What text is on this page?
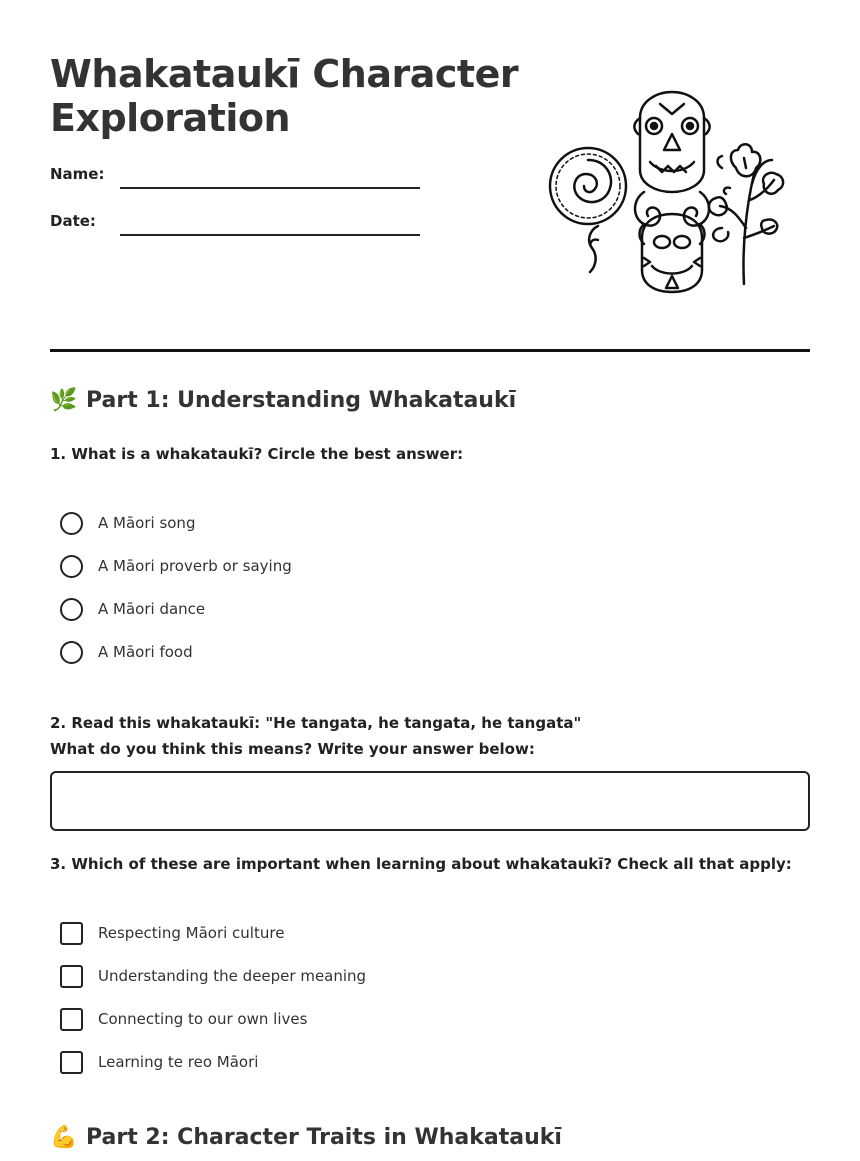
Whakataukī Character
Exploration
Name:
Date:
🌿 Part 1: Understanding Whakataukī
1. What is a whakataukī? Circle the best answer:
A Māori song
A Māori proverb or saying
A Māori dance
A Māori food
2. Read this whakataukī: "He tangata, he tangata, he tangata"
What do you think this means? Write your answer below:
3. Which of these are important when learning about whakataukī? Check all that apply:
Respecting Māori culture
Understanding the deeper meaning
Connecting to our own lives
Learning te reo Māori
💪 Part 2: Character Traits in Whakataukī
